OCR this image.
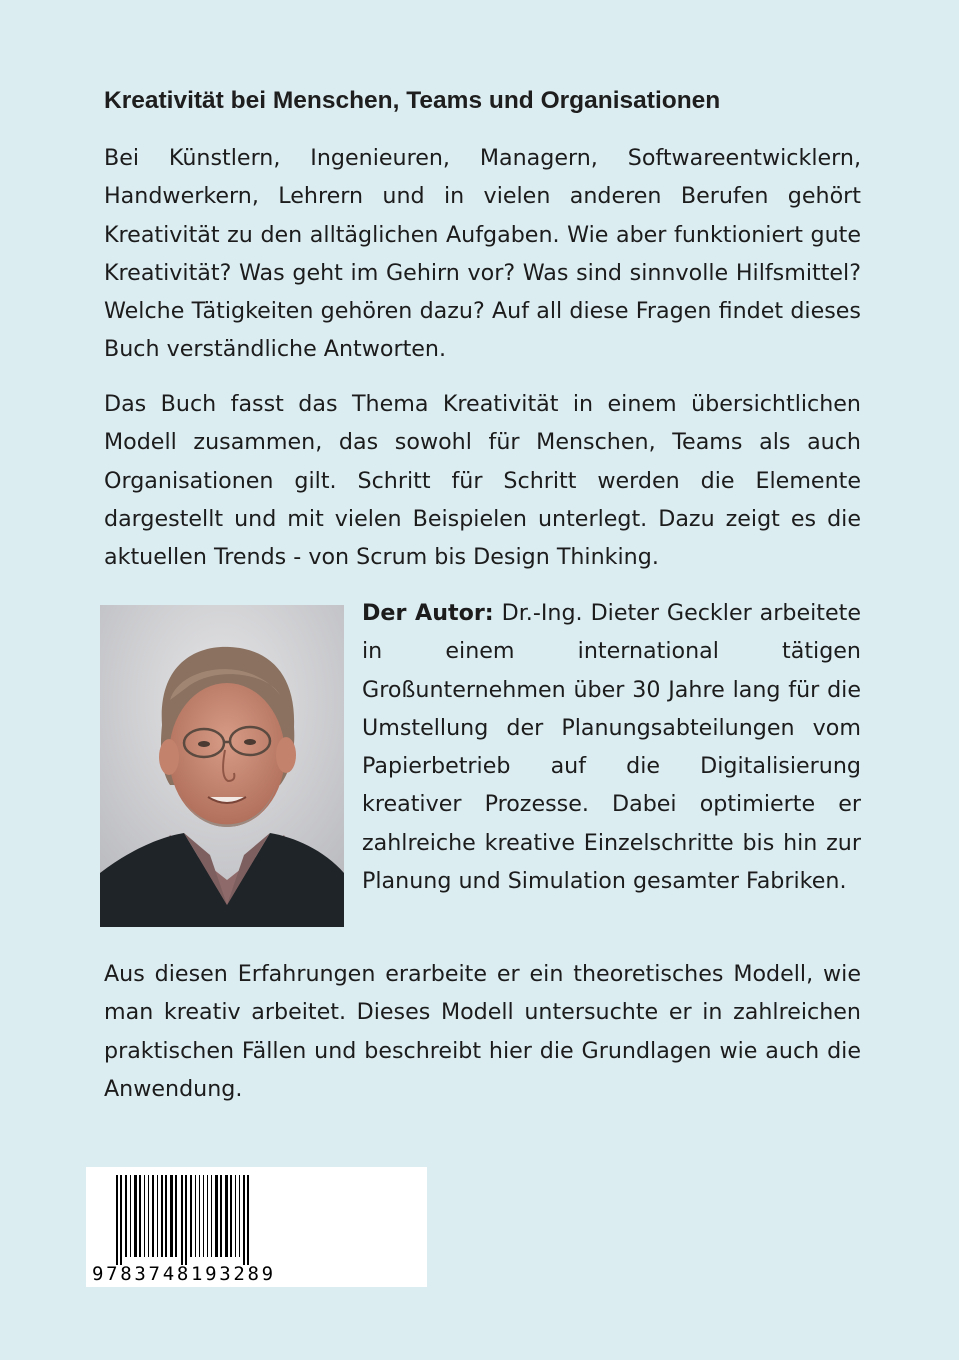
Kreativität bei Menschen, Teams und Organisationen

Bei Künstlern, Ingenieuren, Managern, Softwareentwicklern, Handwerkern, Lehrern und in vielen anderen Berufen gehört Kreativität zu den alltäglichen Aufgaben. Wie aber funktioniert gute Kreativität? Was geht im Gehirn vor? Was sind sinnvolle Hilfsmittel? Welche Tätigkeiten gehören dazu? Auf all diese Fragen findet dieses Buch verständliche Antworten.

Das Buch fasst das Thema Kreativität in einem übersichtlichen Modell zusammen, das sowohl für Menschen, Teams als auch Organisationen gilt. Schritt für Schritt werden die Elemente dargestellt und mit vielen Beispielen unterlegt. Dazu zeigt es die aktuellen Trends - von Scrum bis Design Thinking.

Der Autor: Dr.-Ing. Dieter Geckler arbeitete in einem international tätigen Großunternehmen über 30 Jahre lang für die Umstellung der Planungsabteilungen vom Papierbetrieb auf die Digitalisierung kreativer Prozesse. Dabei optimierte er zahlreiche kreative Einzelschritte bis hin zur Planung und Simulation gesamter Fabriken.

Aus diesen Erfahrungen erarbeite er ein theoretisches Modell, wie man kreativ arbeitet. Dieses Modell untersuchte er in zahlreichen praktischen Fällen und beschreibt hier die Grundlagen wie auch die Anwendung.

9783748193289
